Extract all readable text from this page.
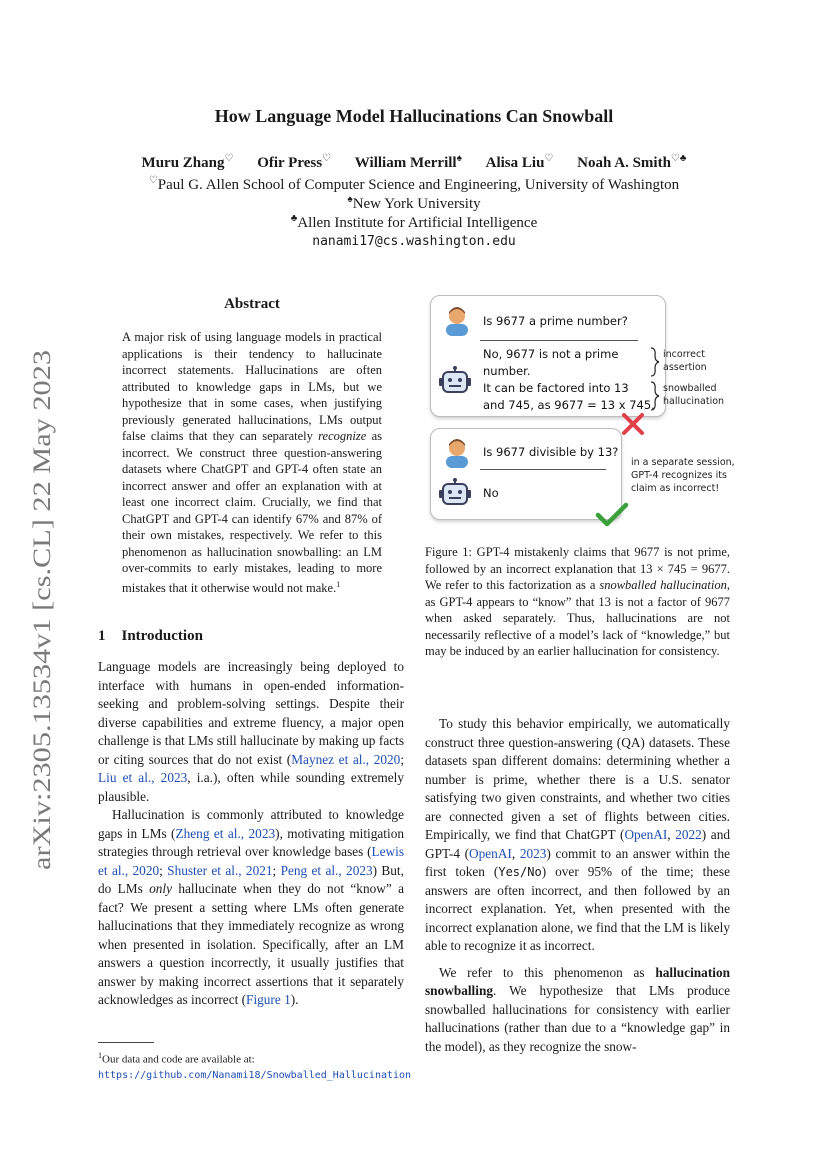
How Language Model Hallucinations Can Snowball
Muru Zhang♡ Ofir Press♡ William Merrill♠ Alisa Liu♡ Noah A. Smith♡♣
♡Paul G. Allen School of Computer Science and Engineering, University of Washington
♠New York University
♣Allen Institute for Artificial Intelligence
nanami17@cs.washington.edu
arXiv:2305.13534v1 [cs.CL] 22 May 2023
Abstract
A major risk of using language models in practical applications is their tendency to hallucinate incorrect statements. Hallucinations are often attributed to knowledge gaps in LMs, but we hypothesize that in some cases, when justifying previously generated hallucinations, LMs output false claims that they can separately recognize as incorrect. We construct three question-answering datasets where ChatGPT and GPT-4 often state an incorrect answer and offer an explanation with at least one incorrect claim. Crucially, we find that ChatGPT and GPT-4 can identify 67% and 87% of their own mistakes, respectively. We refer to this phenomenon as hallucination snowballing: an LM over-commits to early mistakes, leading to more mistakes that it otherwise would not make.$^1$
1 Introduction

Language models are increasingly being deployed to interface with humans in open-ended information-seeking and problem-solving settings. Despite their diverse capabilities and extreme fluency, a major open challenge is that LMs still hallucinate by making up facts or citing sources that do not exist (Maynez et al., 2020; Liu et al., 2023, i.a.), often while sounding extremely plausible.

Hallucination is commonly attributed to knowledge gaps in LMs (Zheng et al., 2023), motivating mitigation strategies through retrieval over knowledge bases (Lewis et al., 2020; Shuster et al., 2021; Peng et al., 2023) But, do LMs only hallucinate when they do not “know” a fact? We present a setting where LMs often generate hallucinations that they immediately recognize as wrong when presented in isolation. Specifically, after an LM answers a question incorrectly, it usually justifies that answer by making incorrect assertions that it separately acknowledges as incorrect (Figure 1).

$^1$Our data and code are available at: https://github.com/Nanami18/Snowballed_Hallucination
Is 9677 a prime number?
No, 9677 is not a prime
number.
It can be factored into 13
and 745, as 9677 = 13 x 745.
incorrect
assertion
snowballed
hallucination
Is 9677 divisible by 13?
No
in a separate session,
GPT-4 recognizes its
claim as incorrect!
Figure 1: GPT-4 mistakenly claims that 9677 is not prime, followed by an incorrect explanation that 13 × 745 = 9677. We refer to this factorization as a snowballed hallucination, as GPT-4 appears to “know” that 13 is not a factor of 9677 when asked separately. Thus, hallucinations are not necessarily reflective of a model’s lack of “knowledge,” but may be induced by an earlier hallucination for consistency.

To study this behavior empirically, we automatically construct three question-answering (QA) datasets. These datasets span different domains: determining whether a number is prime, whether there is a U.S. senator satisfying two given constraints, and whether two cities are connected given a set of flights between cities. Empirically, we find that ChatGPT (OpenAI, 2022) and GPT-4 (OpenAI, 2023) commit to an answer within the first token (Yes/No) over 95% of the time; these answers are often incorrect, and then followed by an incorrect explanation. Yet, when presented with the incorrect explanation alone, we find that the LM is likely able to recognize it as incorrect.

We refer to this phenomenon as hallucination snowballing. We hypothesize that LMs produce snowballed hallucinations for consistency with earlier hallucinations (rather than due to a “knowledge gap” in the model), as they recognize the snow-
